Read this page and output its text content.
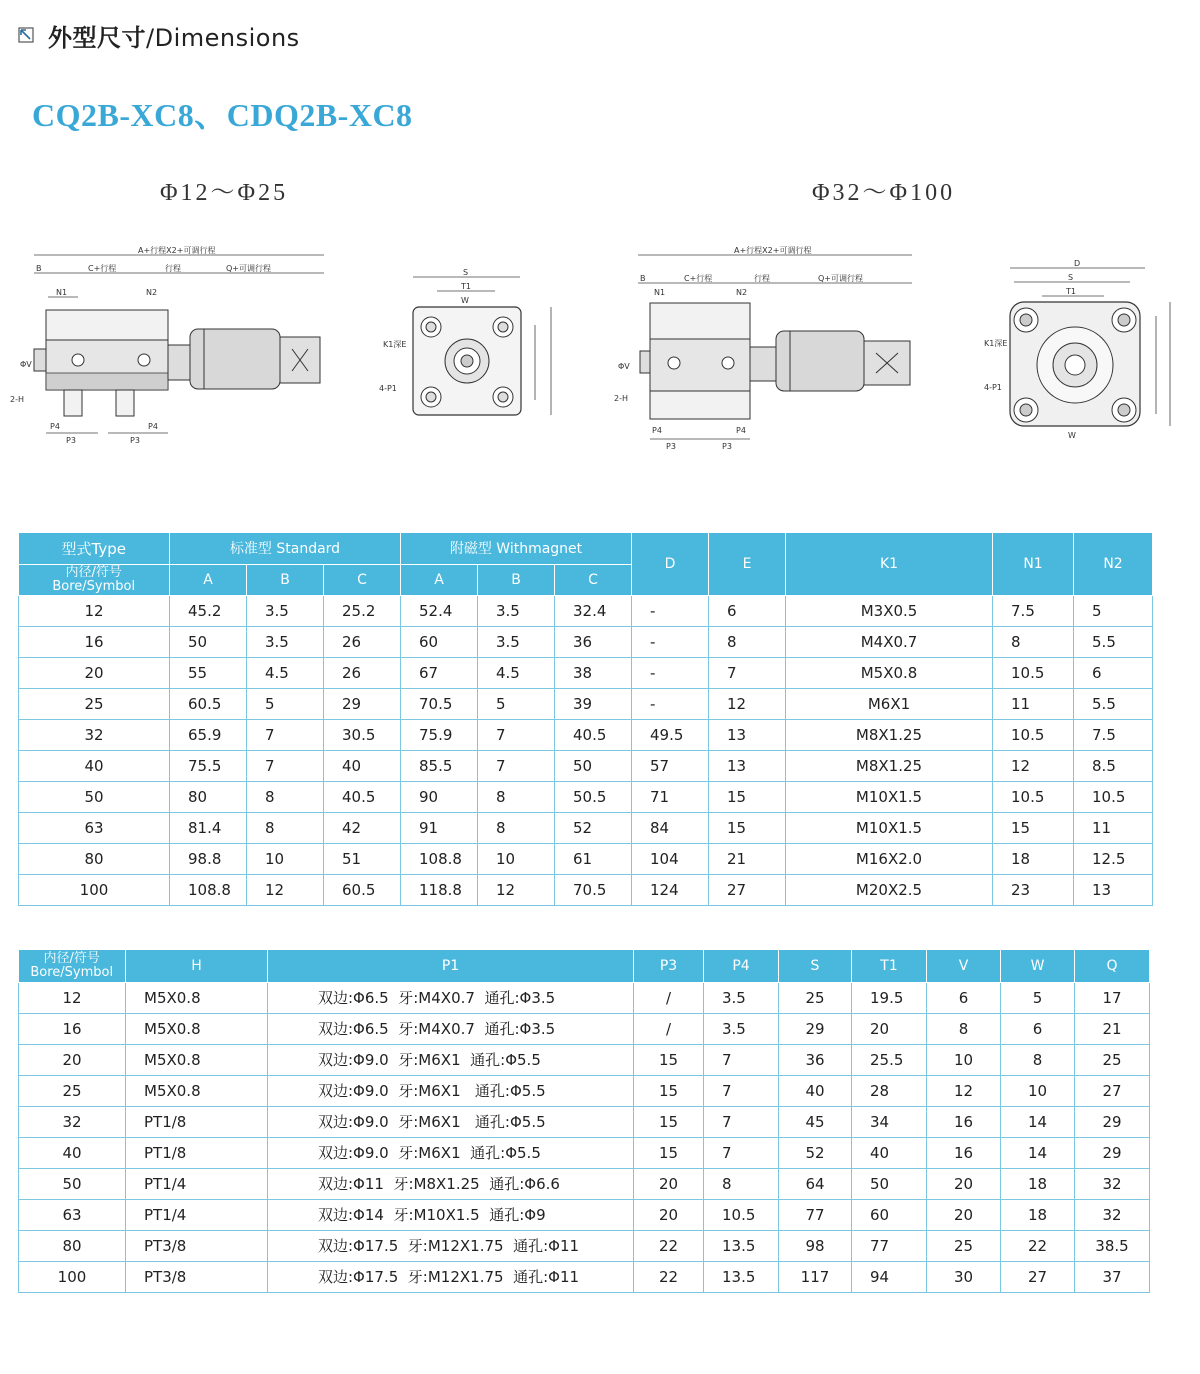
外型尺寸/Dimensions
CQ2B-XC8、CDQ2B-XC8
Φ12～Φ25	Φ32～Φ100
A+行程X2+可调行程
B	C+行程	行程	Q+可调行程
N1	N2
ΦV
2-H
P4	P4
P3	P3
S
T1
W
K1深E
4-P1
A+行程X2+可调行程
B	C+行程	行程	Q+可调行程
N1	N2
ΦV
2-H
P4	P4
P3	P3
D
S
T1
K1深E
4-P1
W
型式Type	标准型 Standard			附磁型 Withmagnet			D	E	K1	N1	N2

内径/符号
Bore/Symbol	A	B	C	A	B	C					
12	45.2	3.5	25.2	52.4	3.5	32.4	-	6	M3X0.5	7.5	5
16	50	3.5	26	60	3.5	36	-	8	M4X0.7	8	5.5
20	55	4.5	26	67	4.5	38	-	7	M5X0.8	10.5	6
25	60.5	5	29	70.5	5	39	-	12	M6X1	11	5.5
32	65.9	7	30.5	75.9	7	40.5	49.5	13	M8X1.25	10.5	7.5
40	75.5	7	40	85.5	7	50	57	13	M8X1.25	12	8.5
50	80	8	40.5	90	8	50.5	71	15	M10X1.5	10.5	10.5
63	81.4	8	42	91	8	52	84	15	M10X1.5	15	11
80	98.8	10	51	108.8	10	61	104	21	M16X2.0	18	12.5
100	108.8	12	60.5	118.8	12	70.5	124	27	M20X2.5	23	13
内径/符号
Bore/Symbol	H	P1	P3	P4	S	T1	V	W	Q
12	M5X0.8	双边:Φ6.5  牙:M4X0.7  通孔:Φ3.5	/	3.5	25	19.5	6	5	17
16	M5X0.8	双边:Φ6.5  牙:M4X0.7  通孔:Φ3.5	/	3.5	29	20	8	6	21
20	M5X0.8	双边:Φ9.0  牙:M6X1  通孔:Φ5.5	15	7	36	25.5	10	8	25
25	M5X0.8	双边:Φ9.0  牙:M6X1   通孔:Φ5.5	15	7	40	28	12	10	27
32	PT1/8	双边:Φ9.0  牙:M6X1   通孔:Φ5.5	15	7	45	34	16	14	29
40	PT1/8	双边:Φ9.0  牙:M6X1  通孔:Φ5.5	15	7	52	40	16	14	29
50	PT1/4	双边:Φ11  牙:M8X1.25  通孔:Φ6.6	20	8	64	50	20	18	32
63	PT1/4	双边:Φ14  牙:M10X1.5  通孔:Φ9	20	10.5	77	60	20	18	32
80	PT3/8	双边:Φ17.5  牙:M12X1.75  通孔:Φ11	22	13.5	98	77	25	22	38.5
100	PT3/8	双边:Φ17.5  牙:M12X1.75  通孔:Φ11	22	13.5	117	94	30	27	37
